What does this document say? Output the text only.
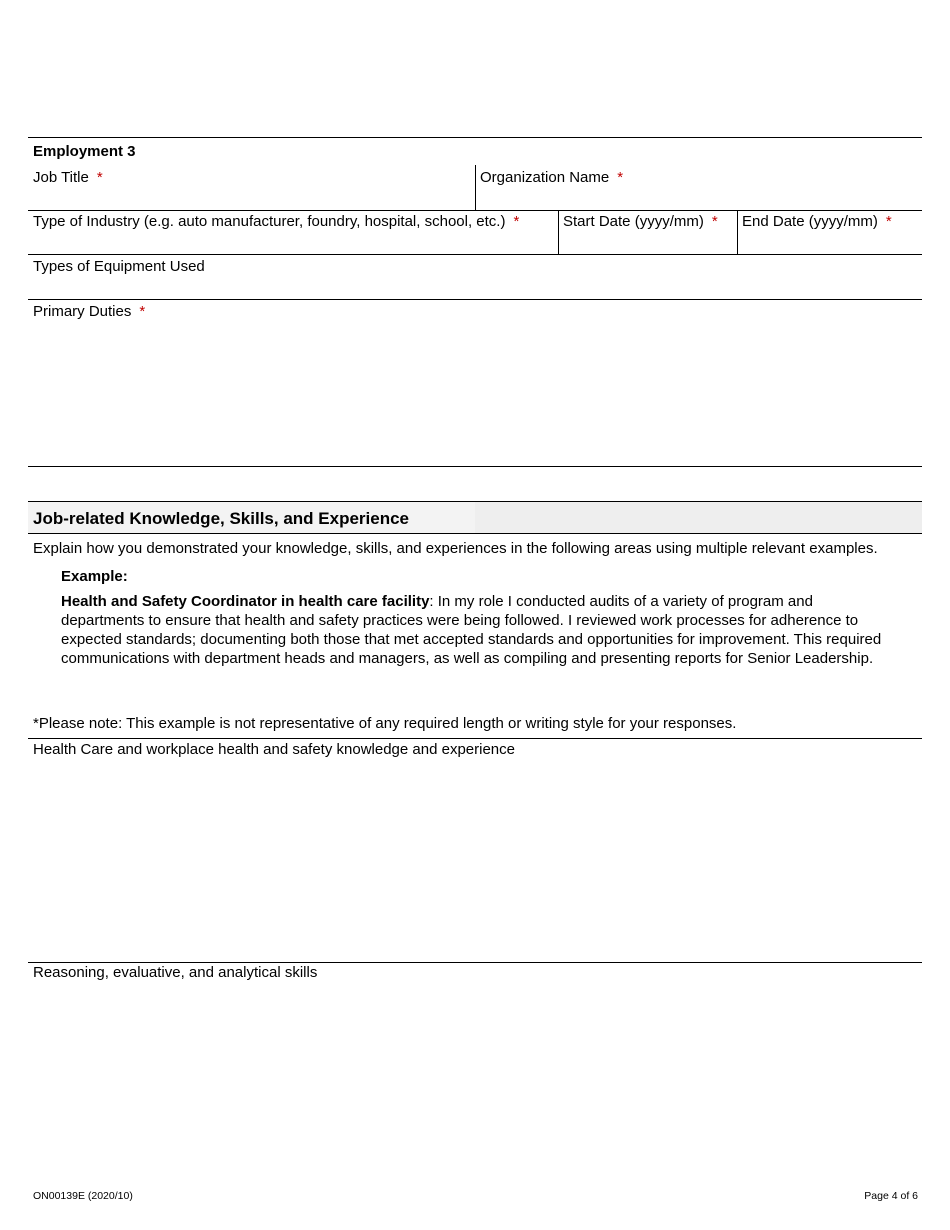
Employment 3
Job Title *	Organization Name *
Type of Industry (e.g. auto manufacturer, foundry, hospital, school, etc.) *	Start Date (yyyy/mm) * End Date (yyyy/mm) *
Types of Equipment Used
Primary Duties *
Job-related Knowledge, Skills, and Experience
Explain how you demonstrated your knowledge, skills, and experiences in the following areas using multiple relevant examples.
Example:
Health and Safety Coordinator in health care facility: In my role I conducted audits of a variety of program and departments to ensure that health and safety practices were being followed. I reviewed work processes for adherence to expected standards; documenting both those that met accepted standards and opportunities for improvement. This required communications with department heads and managers, as well as compiling and presenting reports for Senior Leadership.
*Please note: This example is not representative of any required length or writing style for your responses.
Health Care and workplace health and safety knowledge and experience
Reasoning, evaluative, and analytical skills
ON00139E (2020/10)	Page 4 of 6
